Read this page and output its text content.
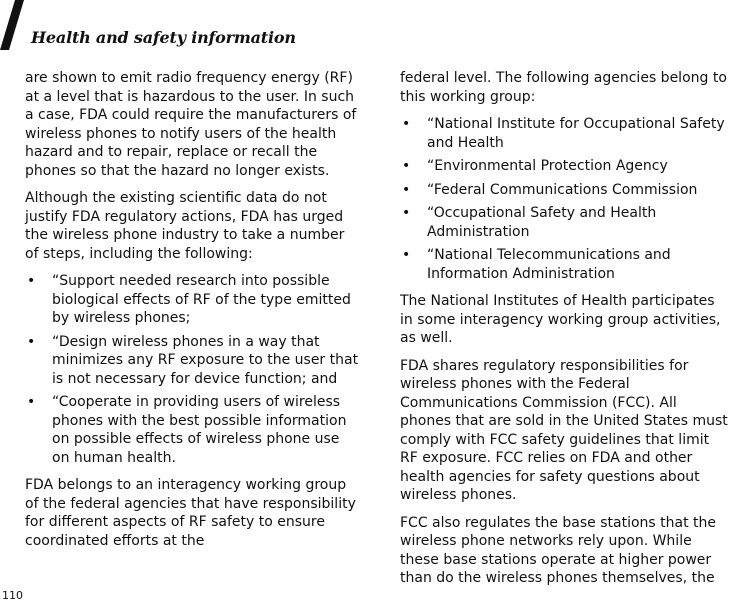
Health and safety information

are shown to emit radio frequency energy (RF) at a level that is hazardous to the user. In such a case, FDA could require the manufacturers of wireless phones to notify users of the health hazard and to repair, replace or recall the phones so that the hazard no longer exists.

Although the existing scientific data do not justify FDA regulatory actions, FDA has urged the wireless phone industry to take a number of steps, including the following:

• “Support needed research into possible biological effects of RF of the type emitted by wireless phones;
• “Design wireless phones in a way that minimizes any RF exposure to the user that is not necessary for device function; and
• “Cooperate in providing users of wireless phones with the best possible information on possible effects of wireless phone use on human health.

FDA belongs to an interagency working group of the federal agencies that have responsibility for different aspects of RF safety to ensure coordinated efforts at the

federal level. The following agencies belong to this working group:

• “National Institute for Occupational Safety and Health
• “Environmental Protection Agency
• “Federal Communications Commission
• “Occupational Safety and Health Administration
• “National Telecommunications and Information Administration

The National Institutes of Health participates in some interagency working group activities, as well.

FDA shares regulatory responsibilities for wireless phones with the Federal Communications Commission (FCC). All phones that are sold in the United States must comply with FCC safety guidelines that limit RF exposure. FCC relies on FDA and other health agencies for safety questions about wireless phones.

FCC also regulates the base stations that the wireless phone networks rely upon. While these base stations operate at higher power than do the wireless phones themselves, the

110
